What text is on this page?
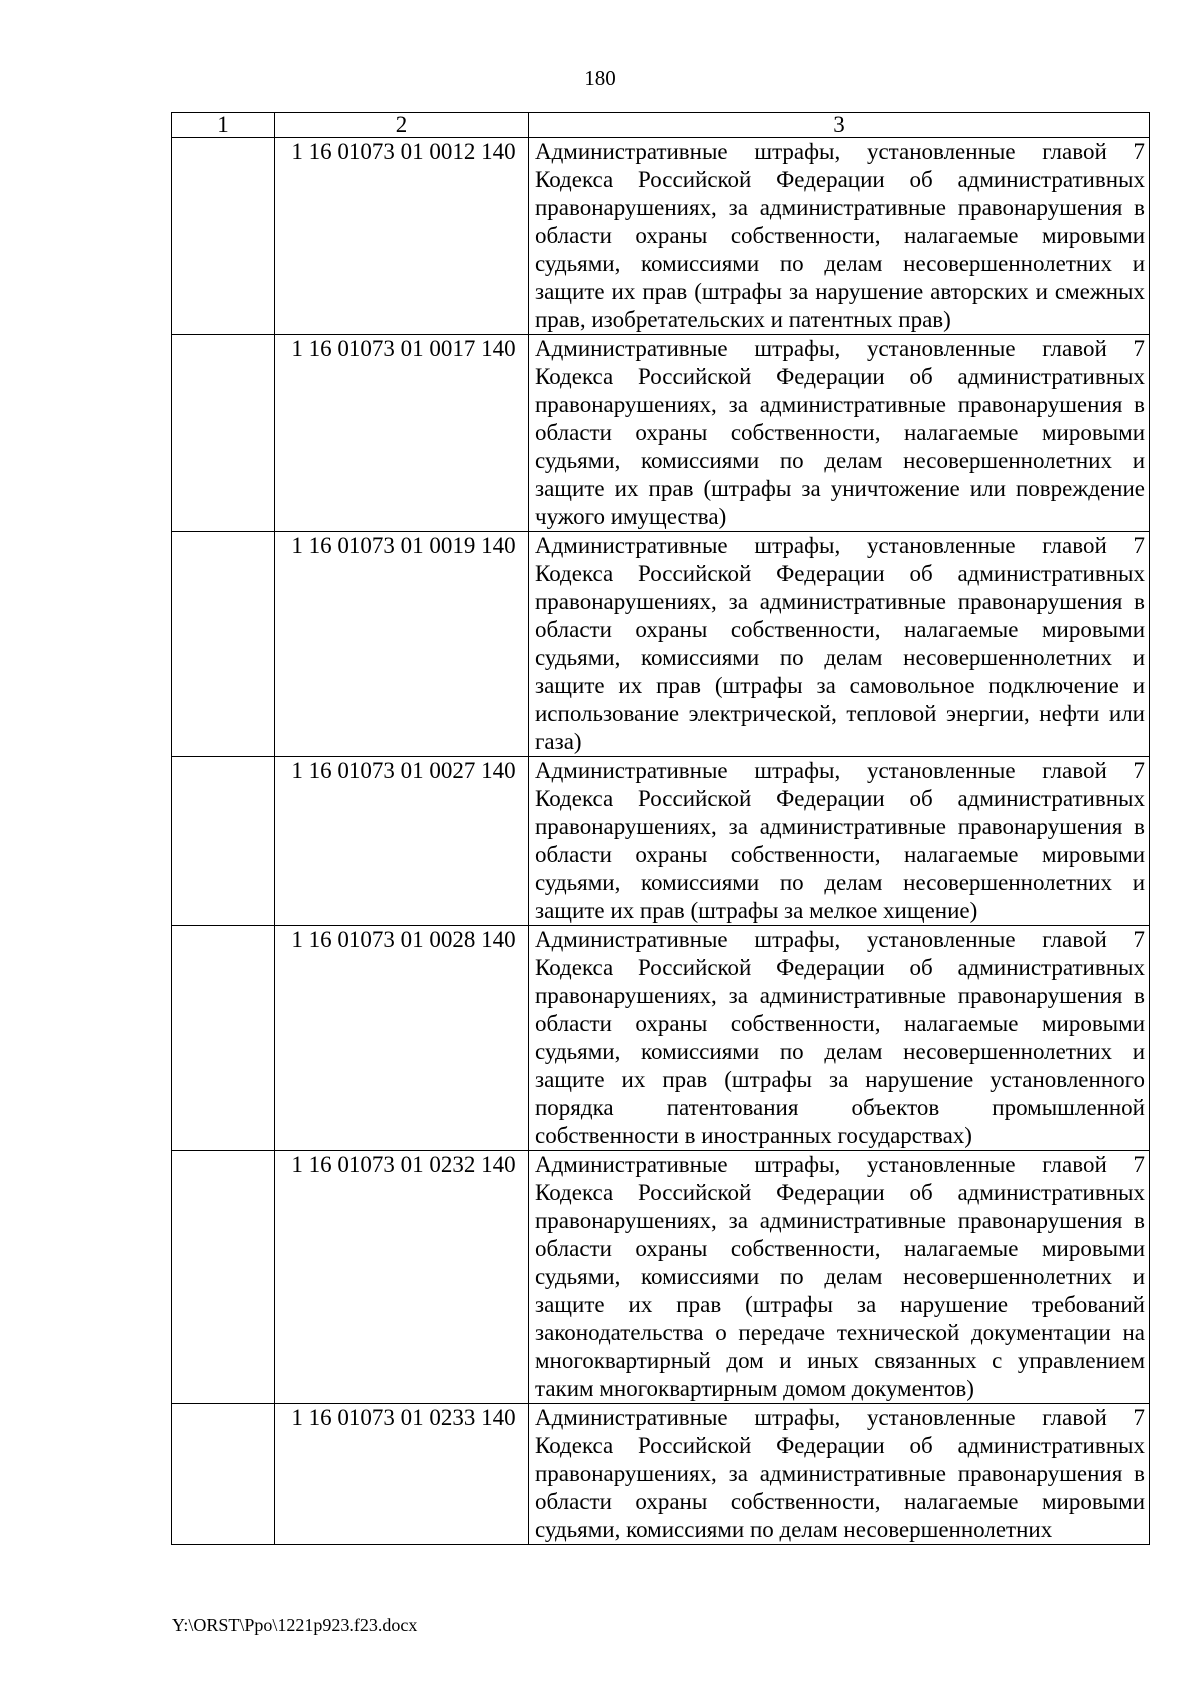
180
1	2	3
	1 16 01073 01 0012 140	Административные штрафы, установленные главой 7 Кодекса Российской Федерации об административных правонарушениях, за административные правонарушения в области охраны собственности, налагаемые мировыми судьями, комиссиями по делам несовершеннолетних и защите их прав (штрафы за нарушение авторских и смежных прав, изобретательских и патентных прав)
	1 16 01073 01 0017 140	Административные штрафы, установленные главой 7 Кодекса Российской Федерации об административных правонарушениях, за административные правонарушения в области охраны собственности, налагаемые мировыми судьями, комиссиями по делам несовершеннолетних и защите их прав (штрафы за уничтожение или повреждение чужого имущества)
	1 16 01073 01 0019 140	Административные штрафы, установленные главой 7 Кодекса Российской Федерации об административных правонарушениях, за административные правонарушения в области охраны собственности, налагаемые мировыми судьями, комиссиями по делам несовершеннолетних и защите их прав (штрафы за самовольное подключение и использование электрической, тепловой энергии, нефти или газа)
	1 16 01073 01 0027 140	Административные штрафы, установленные главой 7 Кодекса Российской Федерации об административных правонарушениях, за административные правонарушения в области охраны собственности, налагаемые мировыми судьями, комиссиями по делам несовершеннолетних и защите их прав (штрафы за мелкое хищение)
	1 16 01073 01 0028 140	Административные штрафы, установленные главой 7 Кодекса Российской Федерации об административных правонарушениях, за административные правонарушения в области охраны собственности, налагаемые мировыми судьями, комиссиями по делам несовершеннолетних и защите их прав (штрафы за нарушение установленного порядка патентования объектов промышленной собственности в иностранных государствах)
	1 16 01073 01 0232 140	Административные штрафы, установленные главой 7 Кодекса Российской Федерации об административных правонарушениях, за административные правонарушения в области охраны собственности, налагаемые мировыми судьями, комиссиями по делам несовершеннолетних и защите их прав (штрафы за нарушение требований законодательства о передаче технической документации на многоквартирный дом и иных связанных с управлением таким многоквартирным домом документов)
	1 16 01073 01 0233 140	Административные штрафы, установленные главой 7 Кодекса Российской Федерации об административных правонарушениях, за административные правонарушения в области охраны собственности, налагаемые мировыми судьями, комиссиями по делам несовершеннолетних
Y:\ORST\Ppo\1221p923.f23.docx
